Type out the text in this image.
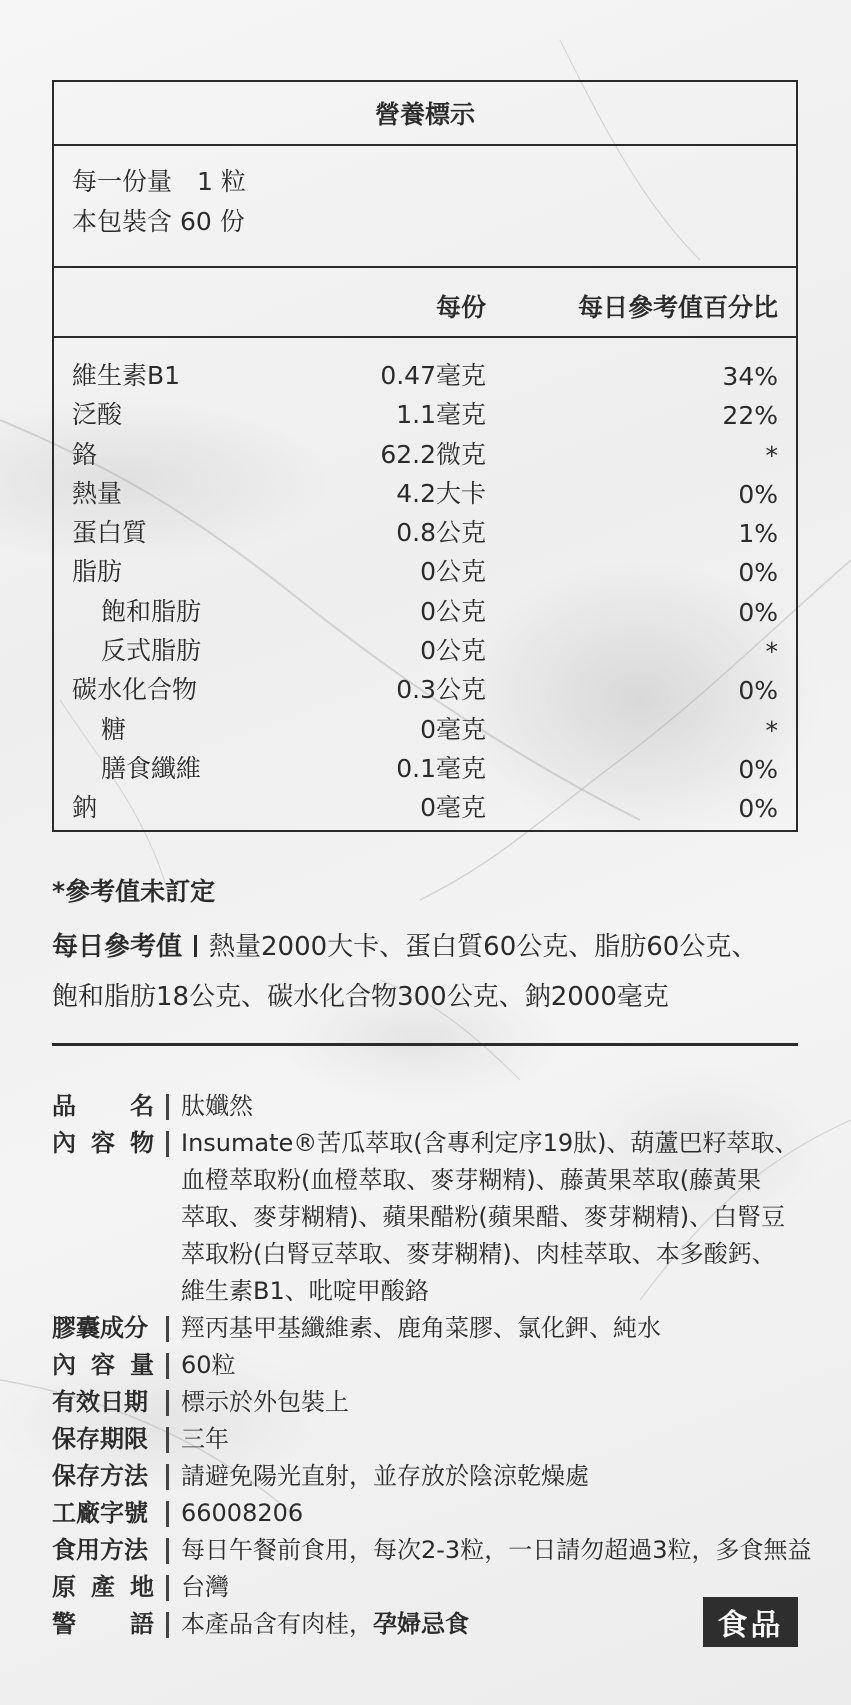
營養標示
每一份量　1 粒
本包裝含 60 份
每份	每日參考值百分比
維生素B1	0.47毫克	34%
泛酸	1.1毫克	22%
鉻	62.2微克	*
熱量	4.2大卡	0%
蛋白質	0.8公克	1%
脂肪	0公克	0%
飽和脂肪	0公克	0%
反式脂肪	0公克	*
碳水化合物	0.3公克	0%
糖	0毫克	*
膳食纖維	0.1毫克	0%
鈉	0毫克	0%
*參考值未訂定
每日參考值 熱量2000大卡、蛋白質60公克、脂肪60公克、
飽和脂肪18公克、碳水化合物300公克、鈉2000毫克
品 名 肽孅然
內 容 物 Insumate®苦瓜萃取(含專利定序19肽)、葫蘆巴籽萃取、
血橙萃取粉(血橙萃取、麥芽糊精)、藤黃果萃取(藤黃果
萃取、麥芽糊精)、蘋果醋粉(蘋果醋、麥芽糊精)、白腎豆
萃取粉(白腎豆萃取、麥芽糊精)、肉桂萃取、本多酸鈣、
維生素B1、吡啶甲酸鉻
膠囊成分 羥丙基甲基纖維素、鹿角菜膠、氯化鉀、純水
內 容 量 60粒
有效日期 標示於外包裝上
保存期限 三年
保存方法 請避免陽光直射，並存放於陰涼乾燥處
工廠字號 66008206
食用方法 每日午餐前食用，每次2-3粒，一日請勿超過3粒，多食無益
原 產 地 台灣
警 語 本產品含有肉桂，孕婦忌食	食品
